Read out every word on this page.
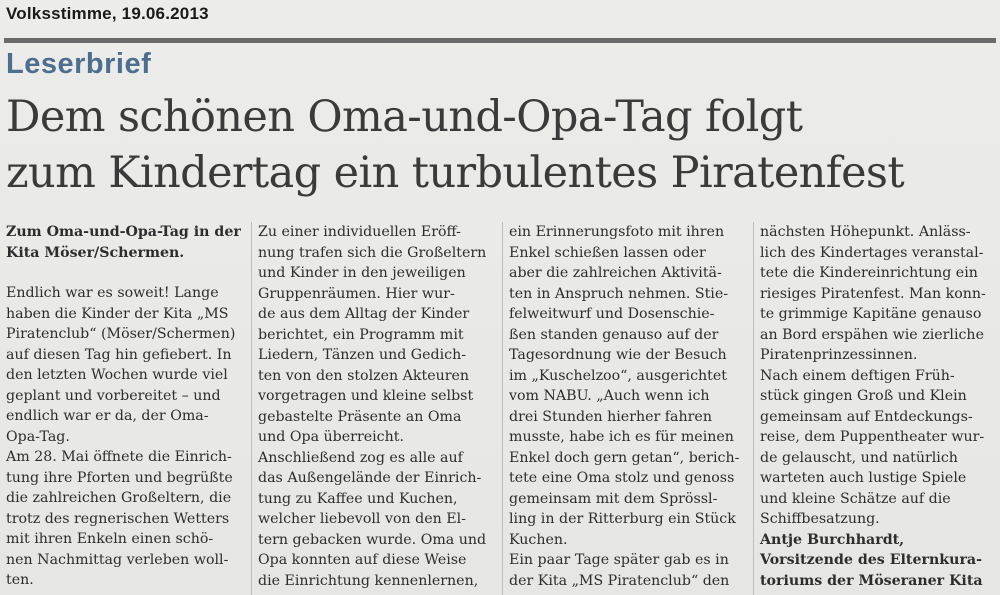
Volksstimme, 19.06.2013
Leserbrief
Dem schönen Oma-und-Opa-Tag folgt
zum Kindertag ein turbulentes Piratenfest
Zum Oma-und-Opa-Tag in der
Kita Möser/Schermen.
Endlich war es soweit! Lange
haben die Kinder der Kita „MS
Piratenclub“ (Möser/Schermen)
auf diesen Tag hin gefiebert. In
den letzten Wochen wurde viel
geplant und vorbereitet – und
endlich war er da, der Oma-
Opa-Tag.
Am 28. Mai öffnete die Einrich-
tung ihre Pforten und begrüßte
die zahlreichen Großeltern, die
trotz des regnerischen Wetters
mit ihren Enkeln einen schö-
nen Nachmittag verleben woll-
ten.
Zu einer individuellen Eröff-
nung trafen sich die Großeltern
und Kinder in den jeweiligen
Gruppenräumen. Hier wur-
de aus dem Alltag der Kinder
berichtet, ein Programm mit
Liedern, Tänzen und Gedich-
ten von den stolzen Akteuren
vorgetragen und kleine selbst
gebastelte Präsente an Oma
und Opa überreicht.
Anschließend zog es alle auf
das Außengelände der Einrich-
tung zu Kaffee und Kuchen,
welcher liebevoll von den El-
tern gebacken wurde. Oma und
Opa konnten auf diese Weise
die Einrichtung kennenlernen,
ein Erinnerungsfoto mit ihren
Enkel schießen lassen oder
aber die zahlreichen Aktivitä-
ten in Anspruch nehmen. Stie-
felweitwurf und Dosenschie-
ßen standen genauso auf der
Tagesordnung wie der Besuch
im „Kuschelzoo“, ausgerichtet
vom NABU. „Auch wenn ich
drei Stunden hierher fahren
musste, habe ich es für meinen
Enkel doch gern getan“, berich-
tete eine Oma stolz und genoss
gemeinsam mit dem Sprössl-
ling in der Ritterburg ein Stück
Kuchen.
Ein paar Tage später gab es in
der Kita „MS Piratenclub“ den
nächsten Höhepunkt. Anläss-
lich des Kindertages veranstal-
tete die Kindereinrichtung ein
riesiges Piratenfest. Man konn-
te grimmige Kapitäne genauso
an Bord erspähen wie zierliche
Piratenprinzessinnen.
Nach einem deftigen Früh-
stück gingen Groß und Klein
gemeinsam auf Entdeckungs-
reise, dem Puppentheater wur-
de gelauscht, und natürlich
warteten auch lustige Spiele
und kleine Schätze auf die
Schiffbesatzung.
Antje Burchhardt,
Vorsitzende des Elternkura-
toriums der Möseraner Kita
